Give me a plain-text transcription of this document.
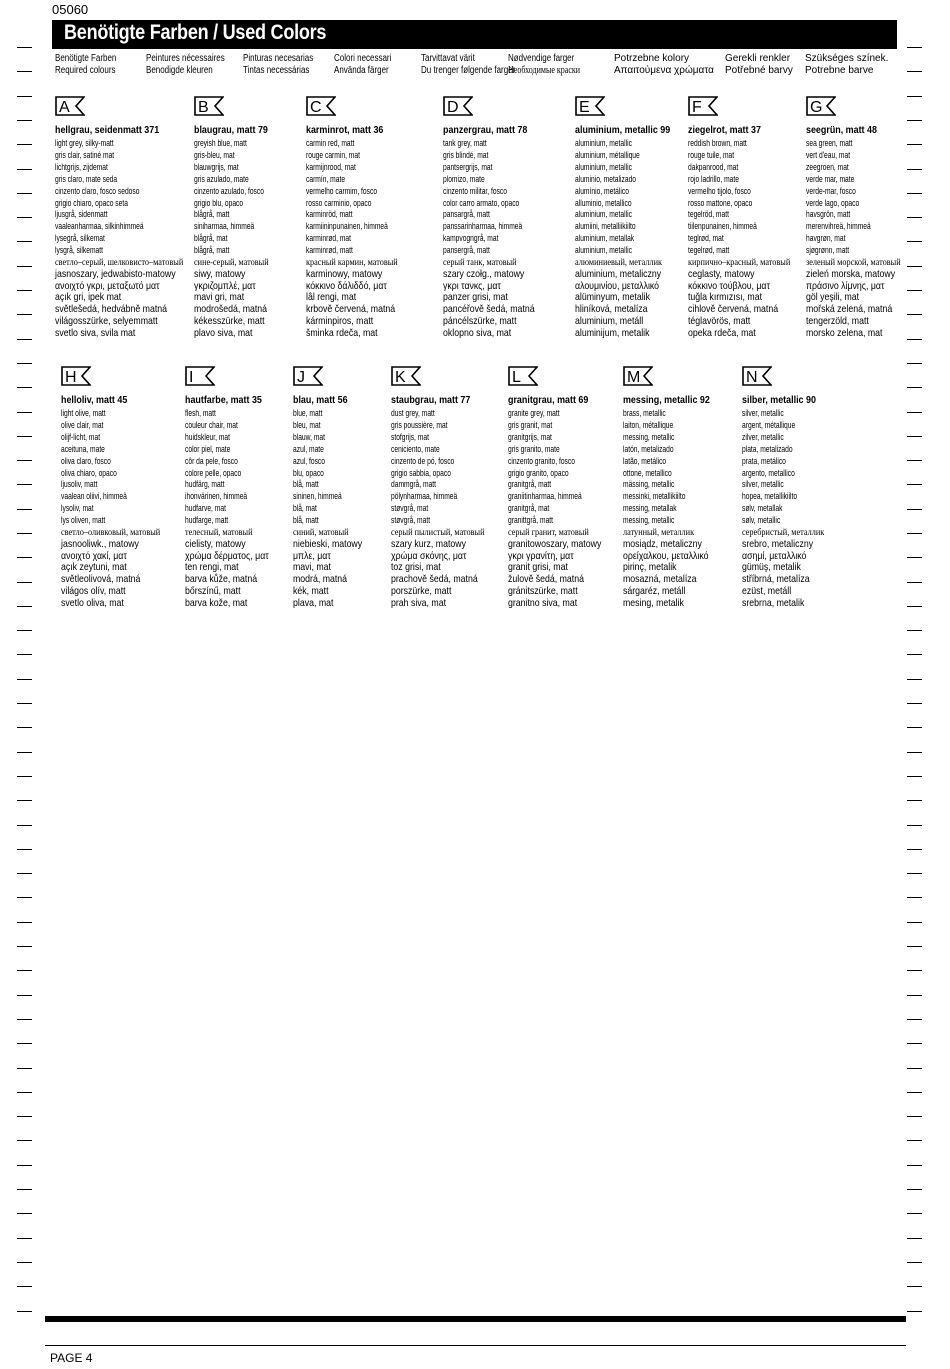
05060
Benötigte Farben / Used Colors
Benötigte Farben
Required colours
Peintures nécessaires
Benodigde kleuren
Pinturas necesarias
Tintas necessárias
Colori necessari
Använda färger
Tarvittavat värit
Du trenger følgende farger
Nødvendige farger
Необходимые краски
Potrzebne kolory
Απαιτούμενα χρώματα
Gerekli renkler
Potřebné barvy
Szükséges színek.
Potrebne barve
A
hellgrau, seidenmatt 371
light grey, silky-matt
gris clair, satiné mat
lichtgrijs, zijdemat
gris claro, mate seda
cinzento claro, fosco sedoso
grigio chiaro, opaco seta
ljusgrå, sidenmatt
vaaleanharmaa, silkinhimmeä
lysegrå, silkemat
lysgrå, silkematt
светло–серый, шелковисто–матовый
jasnoszary, jedwabisto-matowy
ανοιχτό γκρι, μεταξωτό ματ
açık gri, ipek mat
světlešedá, hedvábně matná
világosszürke, selyemmatt
svetlo siva, svila mat
B
blaugrau, matt 79
greyish blue, matt
gris-bleu, mat
blauwgrijs, mat
gris azulado, mate
cinzento azulado, fosco
grigio blu, opaco
blågrå, matt
siniharmaa, himmeä
blågrå, mat
blågrå, matt
сине-серый, матовый
siwy, matowy
γκριζομπλέ, ματ
mavi gri, mat
modrošedá, matná
kékesszürke, matt
plavo siva, mat
C
karminrot, matt 36
carmin red, matt
rouge carmin, mat
karmijnrood, mat
carmín, mate
vermelho carmim, fosco
rosso carminio, opaco
karminröd, matt
karmiininpunainen, himmeä
karminrød, mat
karminrød, matt
красный кармин, матовый
karminowy, matowy
κόκκινο δάλιδδό, ματ
lâl rengi, mat
krbově červená, matná
kárminpiros, matt
šminka rdeča, mat
D
panzergrau, matt 78
tank grey, matt
gris blindé, mat
pantsergrijs, mat
plomizo, mate
cinzento militar, fosco
color carro armato, opaco
pansargrå, matt
panssarinharmaa, himmeä
kampvogngrå, mat
pansergrå, matt
серый танк, матовый
szary czołg., matowy
γκρι τανκς, ματ
panzer grisi, mat
pancéřově šedá, matná
páncélszürke, matt
oklopno siva, mat
E
aluminium, metallic 99
aluminium, metallic
aluminium, métallique
aluminium, metallic
aluminio, metalizado
alumínio, metálico
alluminio, metallico
aluminium, metallic
alumiini, metalliikiilto
aluminium, metallak
aluminium, metallic
алюминиевый, металлик
aluminium, metaliczny
αλουμινίου, μεταλλικό
alüminyum, metalik
hliníková, metalíza
aluminium, metáll
aluminijum, metalik
F
ziegelrot, matt 37
reddish brown, matt
rouge tuile, mat
dakpanrood, mat
rojo ladrillo, mate
vermelho tijolo, fosco
rosso mattone, opaco
tegelröd, matt
tiilenpunainen, himmeä
teglrød, mat
tegelrød, matt
кирпично–красный, матовый
ceglasty, matowy
κόκκινο τούβλου, ματ
tuğla kırmızısı, mat
cihlově červená, matná
téglavörös, matt
opeka rdeča, mat
G
seegrün, matt 48
sea green, matt
vert d'eau, mat
zeegroen, mat
verde mar, mate
verde-mar, fosco
verde lago, opaco
havsgrön, matt
merenvihreä, himmeä
havgrøn, mat
sjøgrønn, matt
зеленый морской, матовый
zieleń morska, matowy
πράσινο λίμνης, ματ
göl yeşili, mat
mořská zelená, matná
tengerzöld, matt
morsko zelena, mat
H
helloliv, matt 45
light olive, matt
olive clair, mat
olijf-licht, mat
aceituna, mate
oliva claro, fosco
oliva chiaro, opaco
ljusoliv, matt
vaalean oliivi, himmeä
lysoliv, mat
lys oliven, matt
светло–оливковый, матовый
jasnooliwk., matowy
ανοιχτό χακί, ματ
açık zeytuni, mat
světleolivová, matná
világos olív, matt
svetlo oliva, mat
I
hautfarbe, matt 35
flesh, matt
couleur chair, mat
huidskleur, mat
color piel, mate
côr da pele, fosco
colore pelle, opaco
hudfärg, matt
ihonvärinen, himmeä
hudfarve, mat
hudfarge, matt
телесный, матовый
cielisty, matowy
χρώμα δέρματος, ματ
ten rengi, mat
barva kůže, matná
bőrszínű, matt
barva kože, mat
J
blau, matt 56
blue, matt
bleu, mat
blauw, mat
azul, mate
azul, fosco
blu, opaco
blå, matt
sininen, himmeä
blå, mat
blå, matt
синий, матовый
niebieski, matowy
μπλε, ματ
mavi, mat
modrá, matná
kék, matt
plava, mat
K
staubgrau, matt 77
dust grey, matt
gris poussière, mat
stofgrijs, mat
ceniciento, mate
cinzento de pó, fosco
grigio sabbia, opaco
dammgrå, matt
pölynharmaa, himmeä
støvgrå, mat
støvgrå, matt
серый пылистый, матовый
szary kurz, matowy
χρώμα σκόνης, ματ
toz grisi, mat
prachově šedá, matná
porszürke, matt
prah siva, mat
L
granitgrau, matt 69
granite grey, matt
gris granit, mat
granitgrijs, mat
gris granito, mate
cinzento granito, fosco
grigio granito, opaco
granitgrå, matt
graniitinharmaa, himmeä
granitgrå, mat
granittgrå, matt
серый гранит, матовый
granitowoszary, matowy
γκρι γρανίτη, ματ
granit grisi, mat
žulově šedá, matná
gránitszürke, matt
granitno siva, mat
M
messing, metallic 92
brass, metallic
laiton, métallique
messing, metallic
latón, metalizado
latão, metálico
ottone, metallico
mässing, metallic
messinki, metallikiilto
messing, metallak
messing, metallic
латунный, металлик
mosiądz, metaliczny
ορείχαλκου, μεταλλικό
pirinç, metalik
mosazná, metalíza
sárgaréz, metáll
mesing, metalik
N
silber, metallic 90
silver, metallic
argent, métallique
zilver, metallic
plata, metalizado
prata, metálico
argento, metallico
silver, metallic
hopea, metallikiilto
sølv, metallak
sølv, metallic
серебристый, металлик
srebro, metaliczny
ασημί, μεταλλικό
gümüş, metalik
stříbrná, metalíza
ezüst, metáll
srebrna, metalik
PAGE 4
